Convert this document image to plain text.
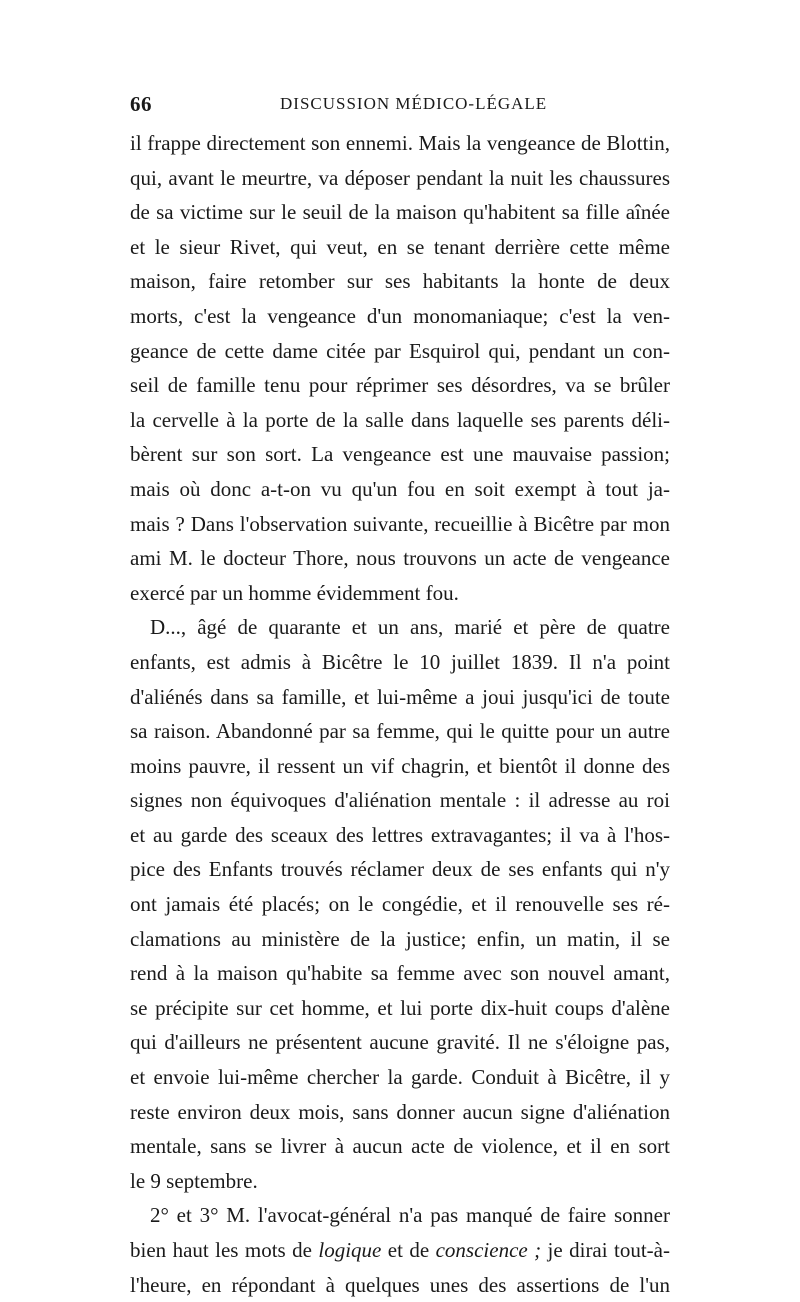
66	DISCUSSION MÉDICO-LÉGALE
il frappe directement son ennemi. Mais la vengeance de Blottin,
qui, avant le meurtre, va déposer pendant la nuit les chaussures
de sa victime sur le seuil de la maison qu'habitent sa fille aînée
et le sieur Rivet, qui veut, en se tenant derrière cette même
maison, faire retomber sur ses habitants la honte de deux
morts, c'est la vengeance d'un monomaniaque; c'est la ven-
geance de cette dame citée par Esquirol qui, pendant un con-
seil de famille tenu pour réprimer ses désordres, va se brûler
la cervelle à la porte de la salle dans laquelle ses parents déli-
bèrent sur son sort. La vengeance est une mauvaise passion;
mais où donc a-t-on vu qu'un fou en soit exempt à tout ja-
mais ? Dans l'observation suivante, recueillie à Bicêtre par mon
ami M. le docteur Thore, nous trouvons un acte de vengeance
exercé par un homme évidemment fou.
D..., âgé de quarante et un ans, marié et père de quatre
enfants, est admis à Bicêtre le 10 juillet 1839. Il n'a point
d'aliénés dans sa famille, et lui-même a joui jusqu'ici de toute
sa raison. Abandonné par sa femme, qui le quitte pour un autre
moins pauvre, il ressent un vif chagrin, et bientôt il donne des
signes non équivoques d'aliénation mentale : il adresse au roi
et au garde des sceaux des lettres extravagantes; il va à l'hos-
pice des Enfants trouvés réclamer deux de ses enfants qui n'y
ont jamais été placés; on le congédie, et il renouvelle ses ré-
clamations au ministère de la justice; enfin, un matin, il se
rend à la maison qu'habite sa femme avec son nouvel amant,
se précipite sur cet homme, et lui porte dix-huit coups d'alène
qui d'ailleurs ne présentent aucune gravité. Il ne s'éloigne pas,
et envoie lui-même chercher la garde. Conduit à Bicêtre, il y
reste environ deux mois, sans donner aucun signe d'aliénation
mentale, sans se livrer à aucun acte de violence, et il en sort
le 9 septembre.
2° et 3° M. l'avocat-général n'a pas manqué de faire sonner
bien haut les mots de logique et de conscience ; je dirai tout-à-
l'heure, en répondant à quelques unes des assertions de l'un
